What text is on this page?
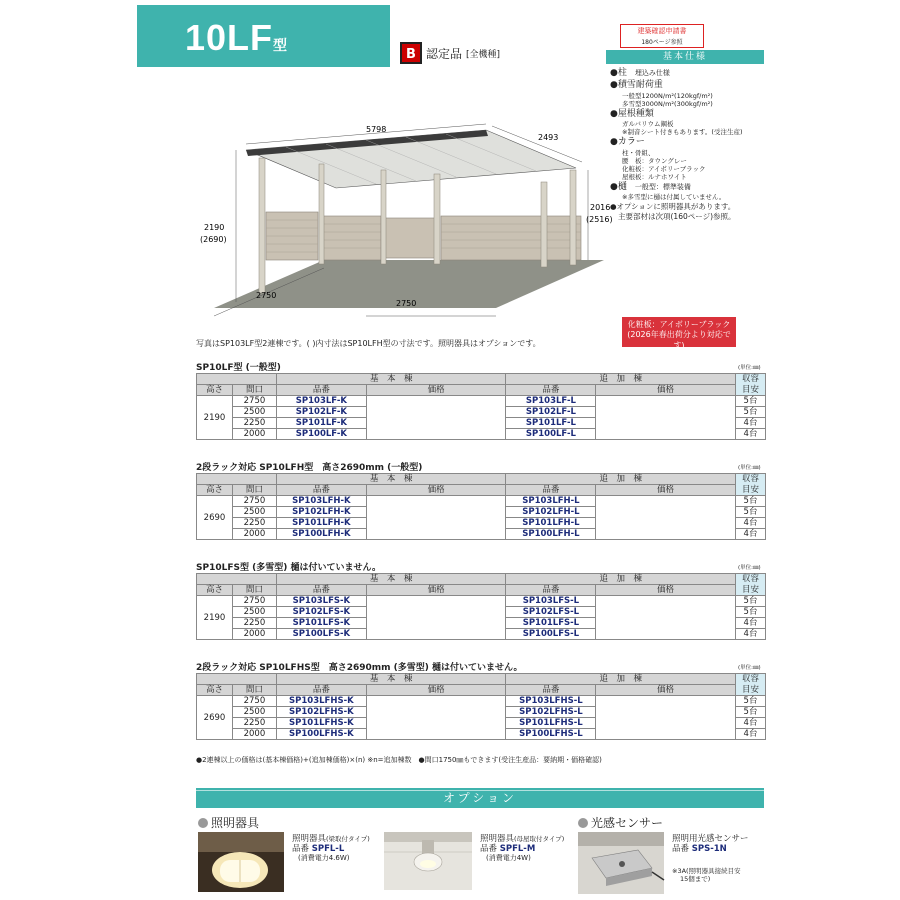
10LF型
B 認定品 [全機種]
建築確認申請書
180ページ参照
基本仕様
●柱　 埋込み仕様
●積雪耐荷重
一般型1200N/m²(120kgf/m²)
多雪型3000N/m²(300kgf/m²)
●屋根種類
ガルバリウム鋼板
※制音シート付きもあります。(受注生産)
●カラー
柱・骨組、
腰　板：タウングレー
化粧板：アイボリーブラック
屋根板：ルナホワイト
●樋　 一般型：標準装備
※多雪型に樋は付属していません。
●オプションに照明器具があります。
主要部材は次項(160ページ)参照。
5798
2493
2190
(2690)
2016
(2516)
2750
2750
化粧板：アイボリーブラック
(2026年春出荷分より対応です)
写真はSP103LF型2連棟です。( )内寸法はSP10LFH型の寸法です。照明器具はオプションです。
SP10LF型 (一般型)	(単位:㎜)
		基　本　棟		追　加　棟		収容
高さ	間口	品番	価格	品番	価格	目安
2190	2750	SP103LF-K		SP103LF-L		5台
	2500	SP102LF-K		SP102LF-L		5台
	2250	SP101LF-K		SP101LF-L		4台
	2000	SP100LF-K		SP100LF-L		4台
2段ラック対応 SP10LFH型　高さ2690mm (一般型)	(単位:㎜)
		基　本　棟		追　加　棟		収容
高さ	間口	品番	価格	品番	価格	目安
2690	2750	SP103LFH-K		SP103LFH-L		5台
	2500	SP102LFH-K		SP102LFH-L		5台
	2250	SP101LFH-K		SP101LFH-L		4台
	2000	SP100LFH-K		SP100LFH-L		4台
SP10LFS型 (多雪型) 樋は付いていません。	(単位:㎜)
		基　本　棟		追　加　棟		収容
高さ	間口	品番	価格	品番	価格	目安
2190	2750	SP103LFS-K		SP103LFS-L		5台
	2500	SP102LFS-K		SP102LFS-L		5台
	2250	SP101LFS-K		SP101LFS-L		4台
	2000	SP100LFS-K		SP100LFS-L		4台
2段ラック対応 SP10LFHS型　高さ2690mm (多雪型) 樋は付いていません。	(単位:㎜)
		基　本　棟		追　加　棟		収容
高さ	間口	品番	価格	品番	価格	目安
2690	2750	SP103LFHS-K		SP103LFHS-L		5台
	2500	SP102LFHS-K		SP102LFHS-L		5台
	2250	SP101LFHS-K		SP101LFHS-L		4台
	2000	SP100LFHS-K		SP100LFHS-L		4台
●2連棟以上の価格は(基本棟価格)+(追加棟価格)×(n) ※n=追加棟数　●間口1750㎜もできます(受注生産品：要納期・価格確認)
オプション
照明器具	光感センサー
照明器具(梁取付タイプ)
品番 SPFL-L
(消費電力4.6W)
照明器具(母屋取付タイプ)
品番 SPFL-M
(消費電力4W)
照明用光感センサー
品番 SPS-1N
※3A(照明器具接続目安
15個まで)
